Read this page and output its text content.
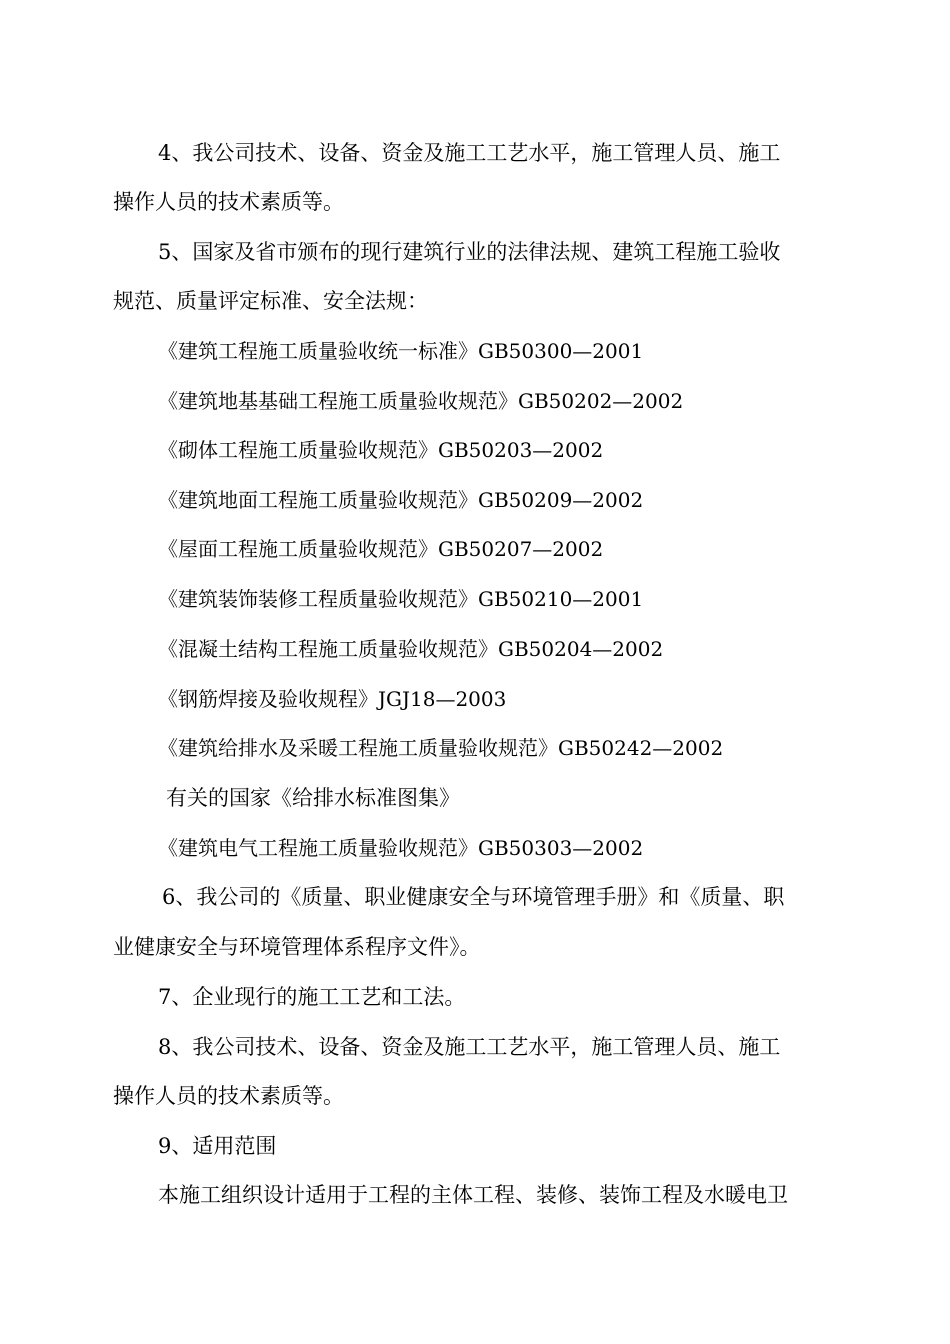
4、我公司技术、设备、资金及施工工艺水平，施工管理人员、施工
操作人员的技术素质等。
5、国家及省市颁布的现行建筑行业的法律法规、建筑工程施工验收
规范、质量评定标准、安全法规：
《建筑工程施工质量验收统一标准》GB50300—2001
《建筑地基基础工程施工质量验收规范》GB50202—2002
《砌体工程施工质量验收规范》GB50203—2002
《建筑地面工程施工质量验收规范》GB50209—2002
《屋面工程施工质量验收规范》GB50207—2002
《建筑装饰装修工程质量验收规范》GB50210—2001
《混凝土结构工程施工质量验收规范》GB50204—2002
《钢筋焊接及验收规程》JGJ18—2003
《建筑给排水及采暖工程施工质量验收规范》GB50242—2002
有关的国家《给排水标准图集》
《建筑电气工程施工质量验收规范》GB50303—2002
6、我公司的《质量、职业健康安全与环境管理手册》和《质量、职
业健康安全与环境管理体系程序文件》。
7、企业现行的施工工艺和工法。
8、我公司技术、设备、资金及施工工艺水平，施工管理人员、施工
操作人员的技术素质等。
9、适用范围
本施工组织设计适用于工程的主体工程、装修、装饰工程及水暖电卫
